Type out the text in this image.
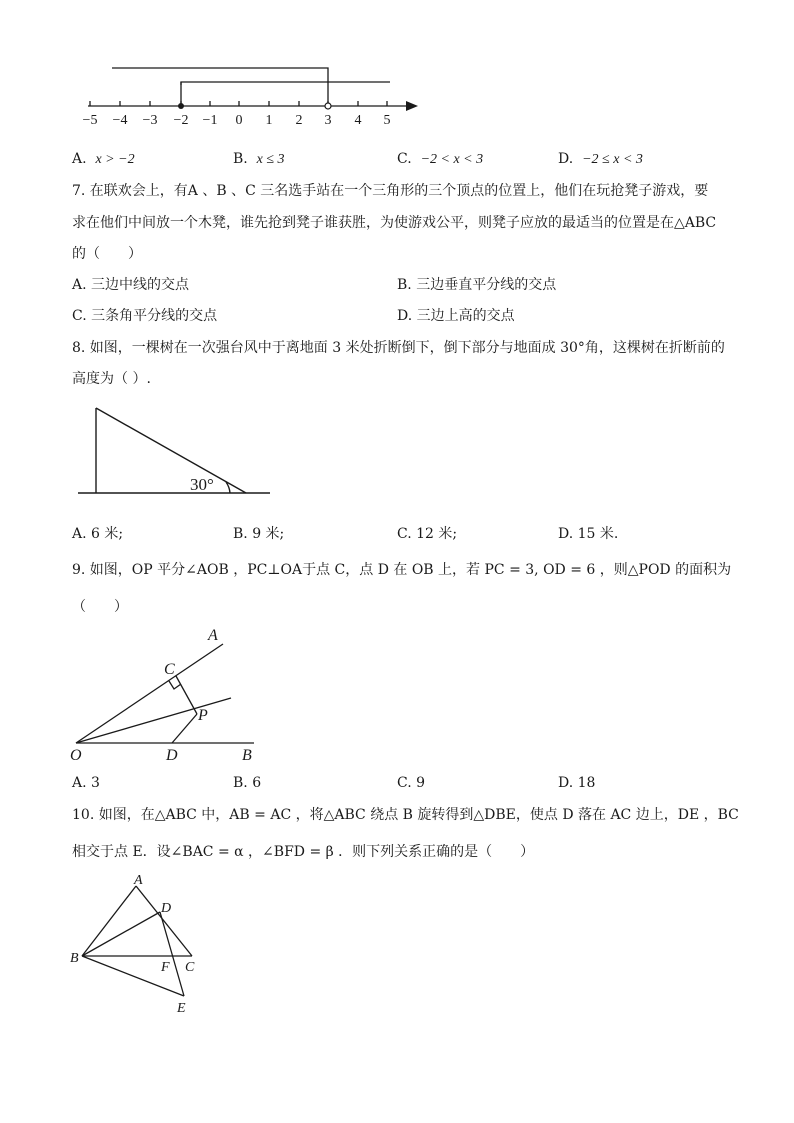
−5 −4 −3 −2 −1 0 1 2 3 4 5
A. x > −2	B. x ≤ 3	C. −2 < x < 3	D. −2 ≤ x < 3
7. 在联欢会上，有A 、B 、C 三名选手站在一个三角形的三个顶点的位置上，他们在玩抢凳子游戏，要
求在他们中间放一个木凳，谁先抢到凳子谁获胜，为使游戏公平，则凳子应放的最适当的位置是在△ABC
的（　　）
A. 三边中线的交点	B. 三边垂直平分线的交点
C. 三条角平分线的交点	D. 三边上高的交点
8. 如图，一棵树在一次强台风中于离地面 3 米处折断倒下，倒下部分与地面成 30°角，这棵树在折断前的
高度为（ ）.
30°
A. 6 米;	B. 9 米;	C. 12 米;	D. 15 米.
9. 如图，OP 平分∠AOB ，PC⊥OA于点 C，点 D 在 OB 上，若 PC = 3, OD = 6 ，则△POD 的面积为
（　　）
A
C
P
O	D	B
A. 3	B. 6	C. 9	D. 18
10. 如图，在△ABC 中，AB = AC ，将△ABC 绕点 B 旋转得到△DBE，使点 D 落在 AC 边上，DE ，BC
相交于点 E．设∠BAC = α ，∠BFD = β ．则下列关系正确的是（　　）
A
D
B
F C
E
